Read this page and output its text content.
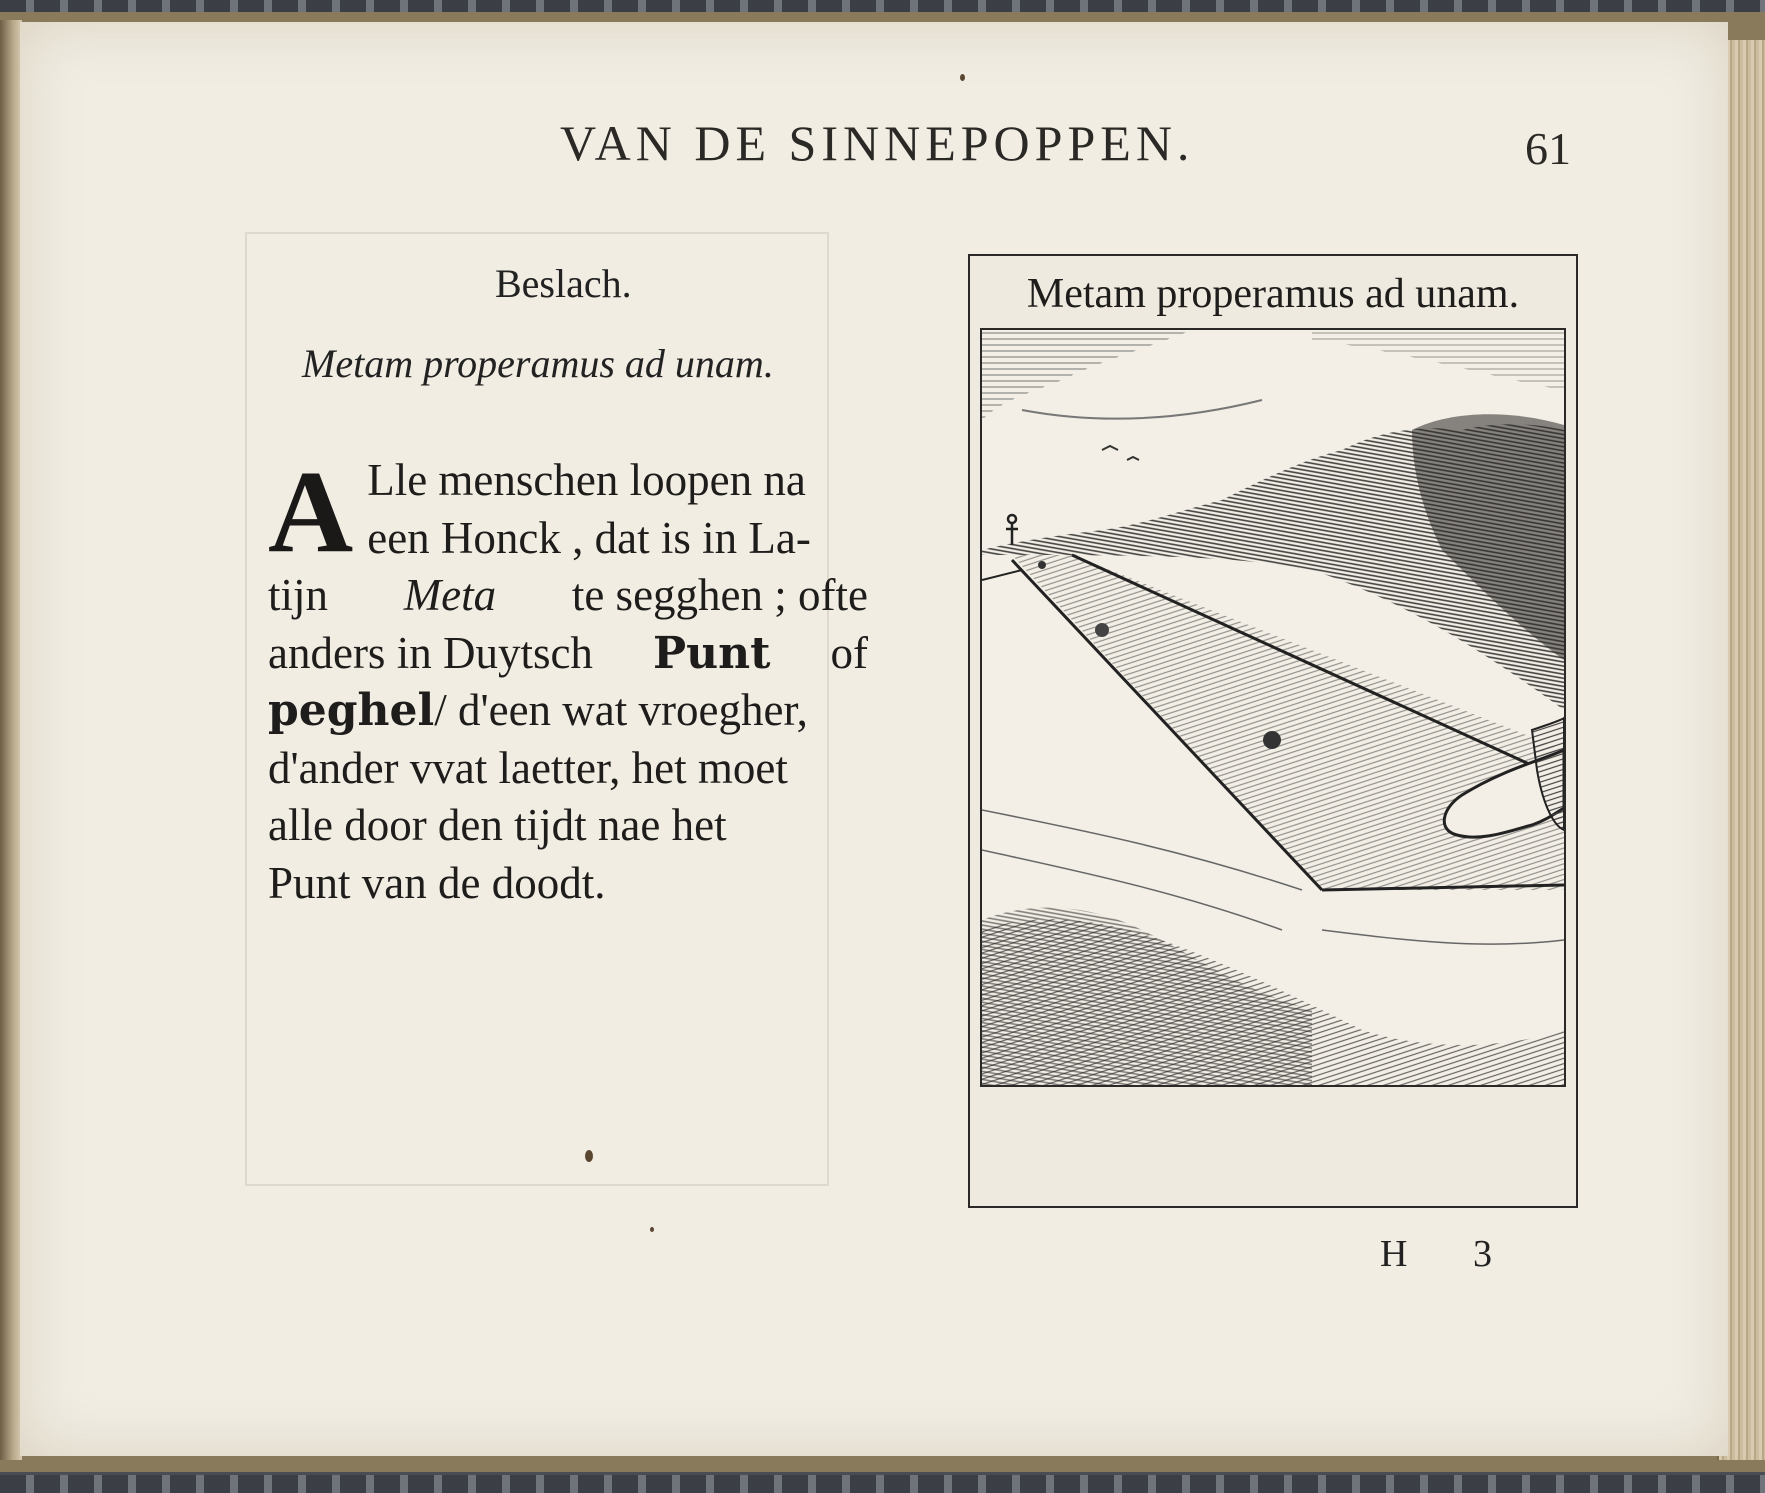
VAN DE SINNEPOPPEN.	61
Beslach.
Metam properamus ad unam.
A Lle menschen loopen na
een Honck , dat is in La-
tijn Meta te segghen ; ofte
anders in Duytsch Punt of
peghel/ d'een wat vroegher,
d'ander vvat laetter, het moet
alle door den tijdt nae het
Punt van de doodt.
Metam properamus ad unam.
H 3
